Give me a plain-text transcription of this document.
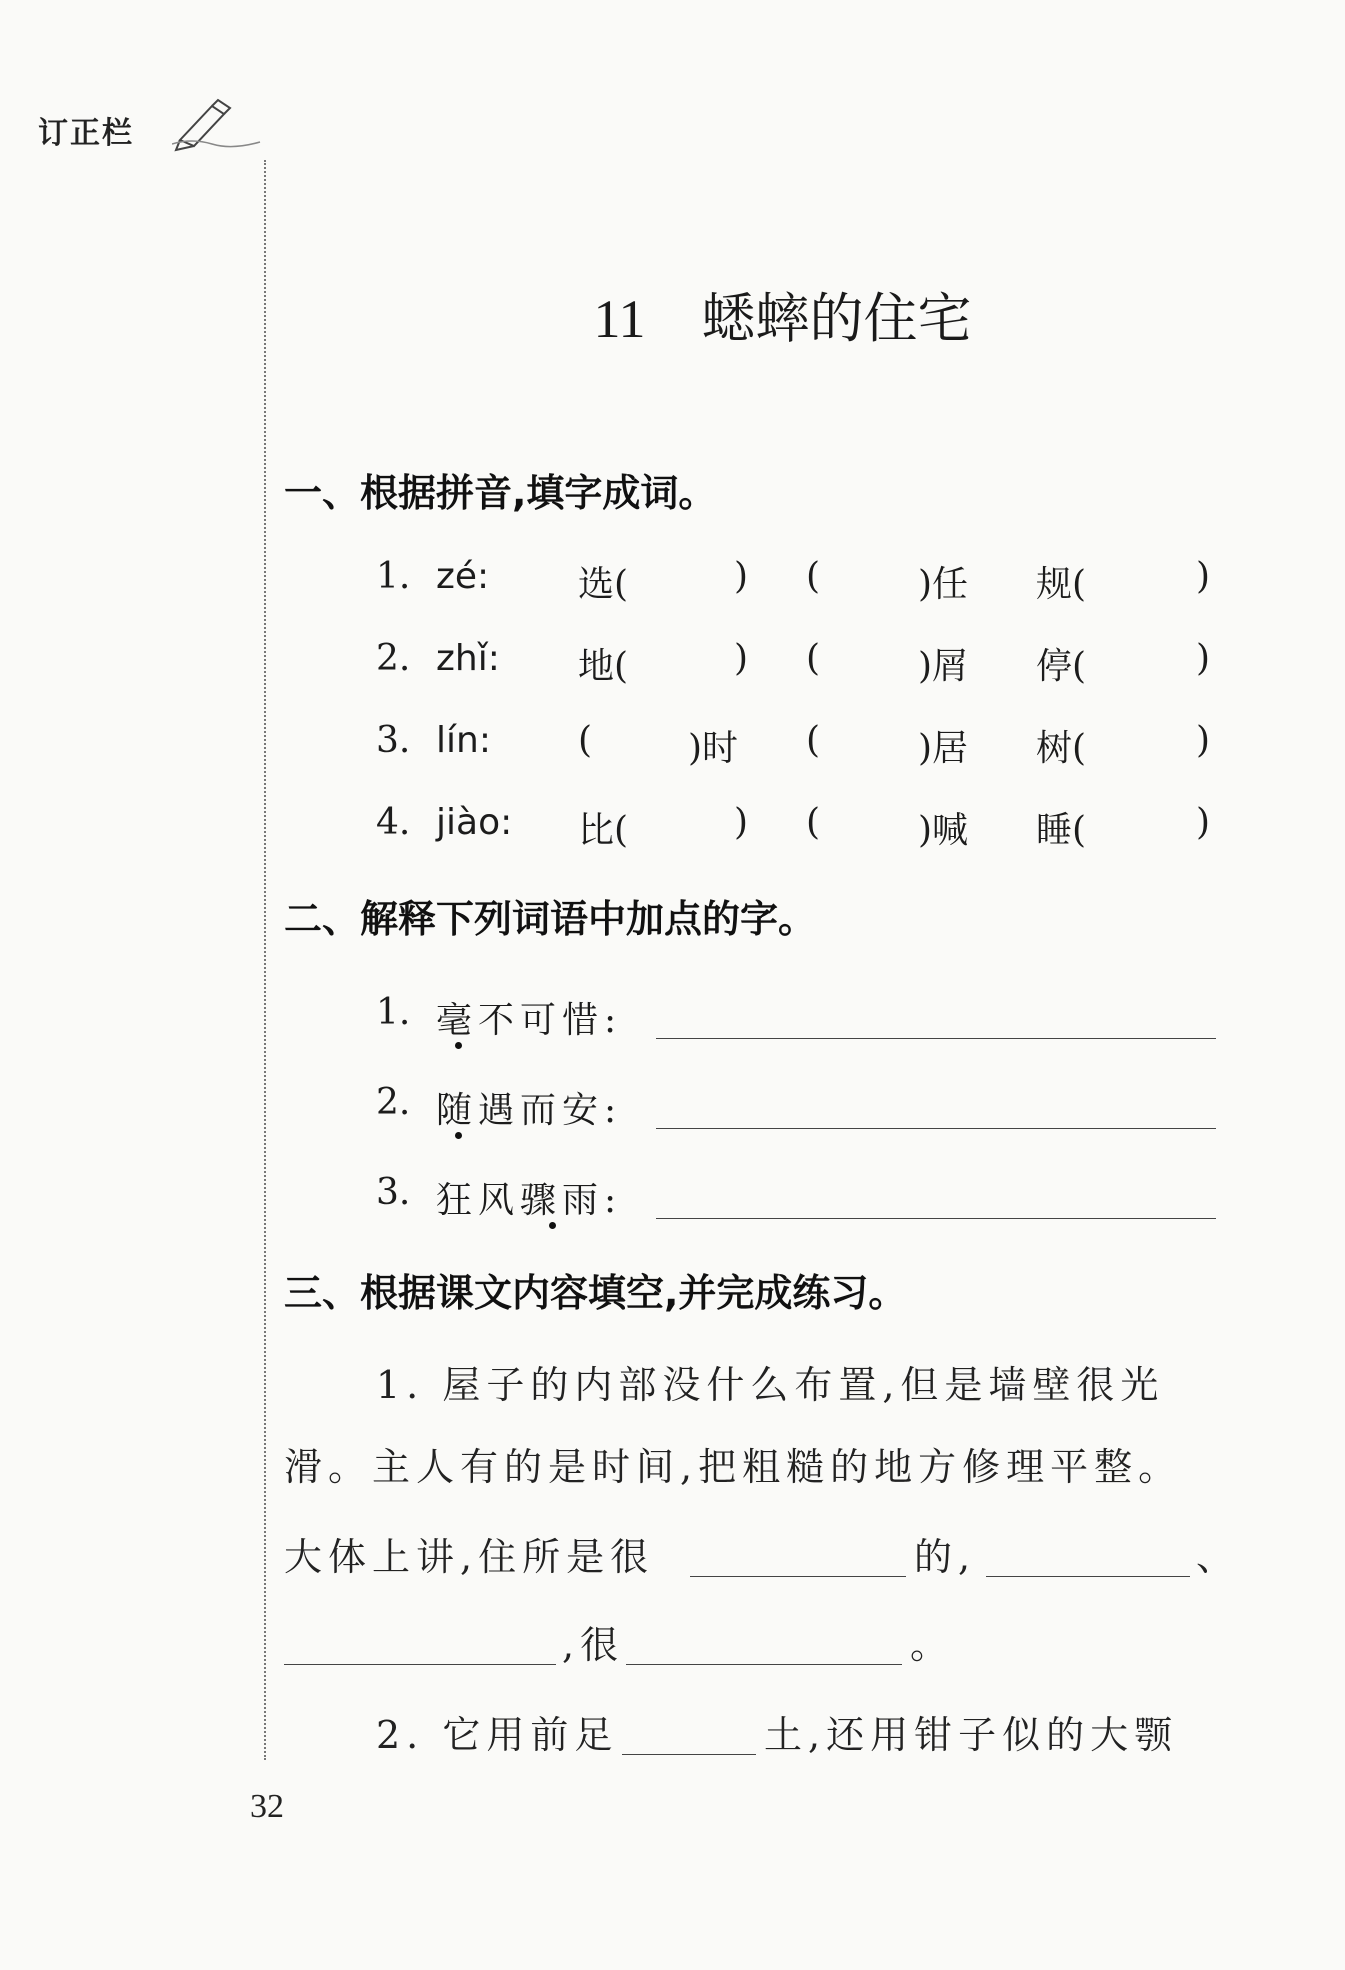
订正栏
11 蟋蟀的住宅
一、根据拼音,填字成词。
1. zé: 选(	) (	)任 规(	)
2. zhǐ: 地(	) (	)屑 停(	)
3. lín: (	)时 (	)居 树(	)
4. jiào: 比(	) (	)喊 睡(	)
二、解释下列词语中加点的字。
1. 毫不可惜:
2. 随遇而安:
3. 狂风骤雨:
三、根据课文内容填空,并完成练习。
1. 屋子的内部没什么布置,但是墙壁很光
滑。主人有的是时间,把粗糙的地方修理平整。
大体上讲,住所是很	的,	、
,很	。
2. 它用前足	土,还用钳子似的大颚
32
